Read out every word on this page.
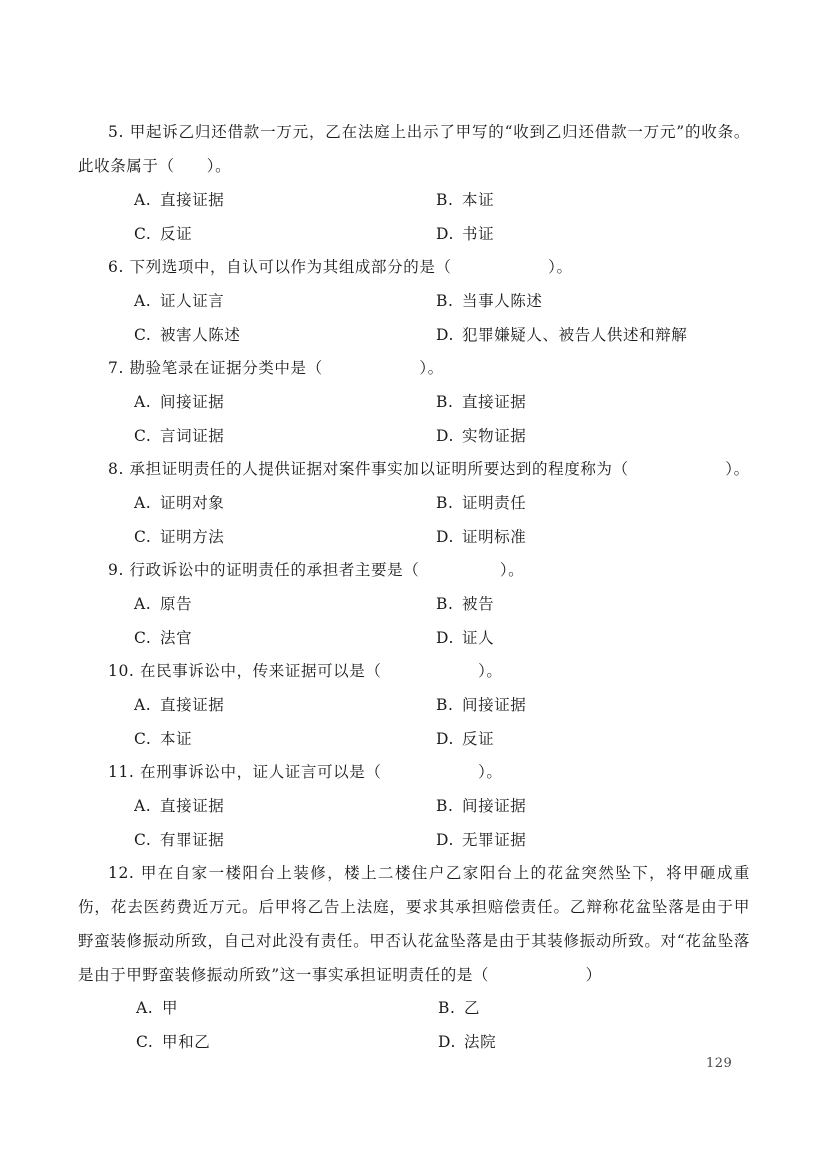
5. 甲起诉乙归还借款一万元，乙在法庭上出示了甲写的“收到乙归还借款一万元”的收条。此收条属于（　　）。
A. 直接证据	B. 本证
C. 反证	D. 书证
6. 下列选项中，自认可以作为其组成部分的是（　　　　　　）。
A. 证人证言	B. 当事人陈述
C. 被害人陈述	D. 犯罪嫌疑人、被告人供述和辩解
7. 勘验笔录在证据分类中是（　　　　　　）。
A. 间接证据	B. 直接证据
C. 言词证据	D. 实物证据
8. 承担证明责任的人提供证据对案件事实加以证明所要达到的程度称为（　　　　　　）。
A. 证明对象	B. 证明责任
C. 证明方法	D. 证明标准
9. 行政诉讼中的证明责任的承担者主要是（　　　　　）。
A. 原告	B. 被告
C. 法官	D. 证人
10. 在民事诉讼中，传来证据可以是（　　　　　　）。
A. 直接证据	B. 间接证据
C. 本证	D. 反证
11. 在刑事诉讼中，证人证言可以是（　　　　　　）。
A. 直接证据	B. 间接证据
C. 有罪证据	D. 无罪证据
12. 甲在自家一楼阳台上装修，楼上二楼住户乙家阳台上的花盆突然坠下，将甲砸成重伤，花去医药费近万元。后甲将乙告上法庭，要求其承担赔偿责任。乙辩称花盆坠落是由于甲野蛮装修振动所致，自己对此没有责任。甲否认花盆坠落是由于其装修振动所致。对“花盆坠落是由于甲野蛮装修振动所致”这一事实承担证明责任的是（　　　　　　）
A. 甲	B. 乙
C. 甲和乙	D. 法院
129
